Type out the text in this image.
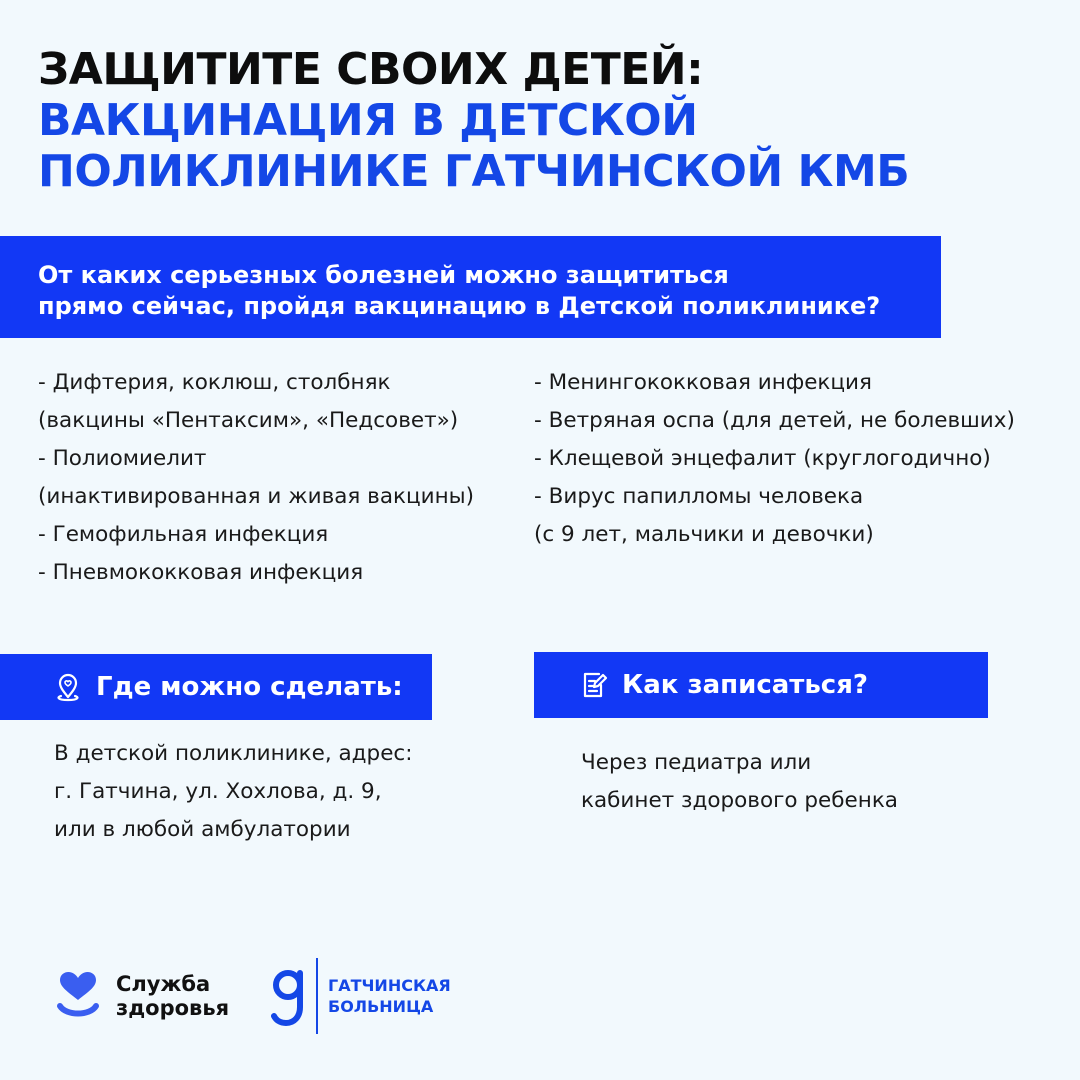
ЗАЩИТИТЕ СВОИХ ДЕТЕЙ:
ВАКЦИНАЦИЯ В ДЕТСКОЙ
ПОЛИКЛИНИКЕ ГАТЧИНСКОЙ КМБ
От каких серьезных болезней можно защититься
прямо сейчас, пройдя вакцинацию в Детской поликлинике?
- Дифтерия, коклюш, столбняк
(вакцины «Пентаксим», «Педсовет»)
- Полиомиелит
(инактивированная и живая вакцины)
- Гемофильная инфекция
- Пневмококковая инфекция
- Менингококковая инфекция
- Ветряная оспа (для детей, не болевших)
- Клещевой энцефалит (круглогодично)
- Вирус папилломы человека
(с 9 лет, мальчики и девочки)
Где можно сделать:	Как записаться?
В детской поликлинике, адрес:
г. Гатчина, ул. Хохлова, д. 9,
или в любой амбулатории
Через педиатра или
кабинет здорового ребенка
Служба
здоровья
ГАТЧИНСКАЯ
БОЛЬНИЦА
